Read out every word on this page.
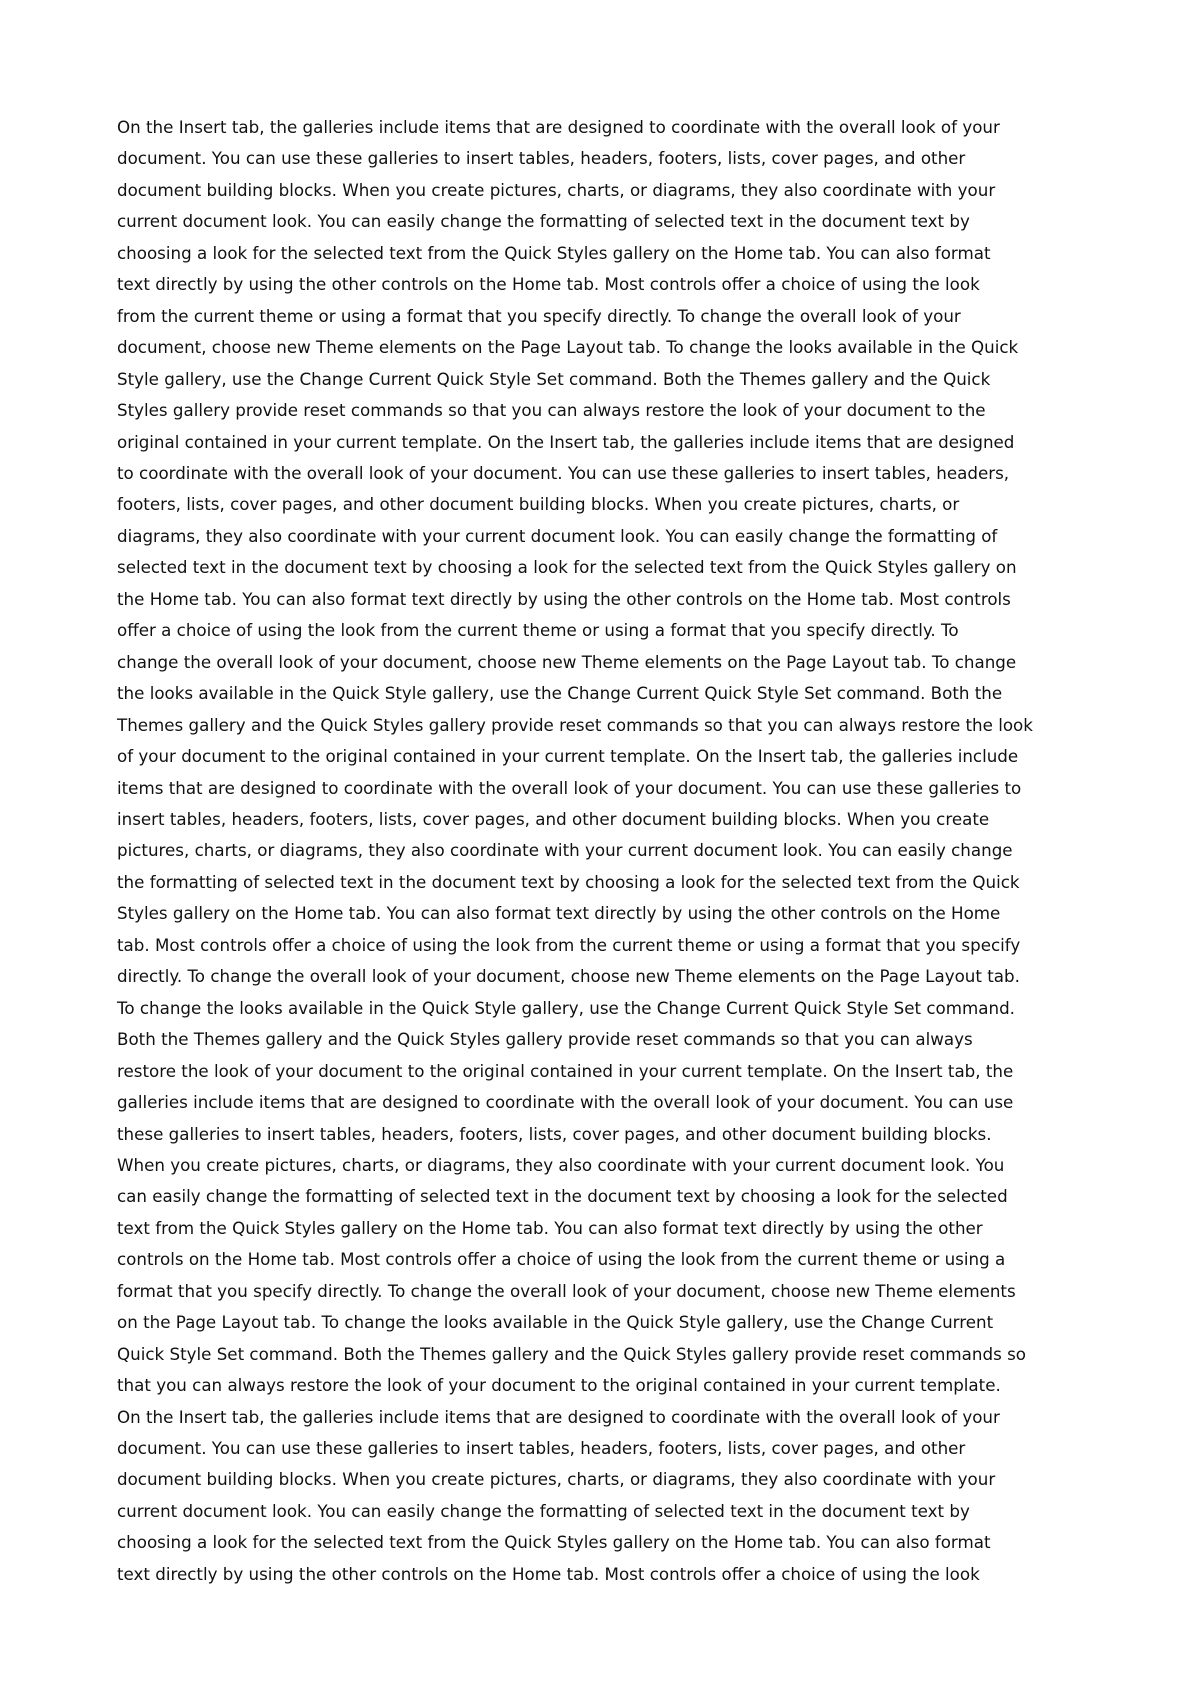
On the Insert tab, the galleries include items that are designed to coordinate with the overall look of your
document. You can use these galleries to insert tables, headers, footers, lists, cover pages, and other
document building blocks. When you create pictures, charts, or diagrams, they also coordinate with your
current document look. You can easily change the formatting of selected text in the document text by
choosing a look for the selected text from the Quick Styles gallery on the Home tab. You can also format
text directly by using the other controls on the Home tab. Most controls offer a choice of using the look
from the current theme or using a format that you specify directly. To change the overall look of your
document, choose new Theme elements on the Page Layout tab. To change the looks available in the Quick
Style gallery, use the Change Current Quick Style Set command. Both the Themes gallery and the Quick
Styles gallery provide reset commands so that you can always restore the look of your document to the
original contained in your current template. On the Insert tab, the galleries include items that are designed
to coordinate with the overall look of your document. You can use these galleries to insert tables, headers,
footers, lists, cover pages, and other document building blocks. When you create pictures, charts, or
diagrams, they also coordinate with your current document look. You can easily change the formatting of
selected text in the document text by choosing a look for the selected text from the Quick Styles gallery on
the Home tab. You can also format text directly by using the other controls on the Home tab. Most controls
offer a choice of using the look from the current theme or using a format that you specify directly. To
change the overall look of your document, choose new Theme elements on the Page Layout tab. To change
the looks available in the Quick Style gallery, use the Change Current Quick Style Set command. Both the
Themes gallery and the Quick Styles gallery provide reset commands so that you can always restore the look
of your document to the original contained in your current template. On the Insert tab, the galleries include
items that are designed to coordinate with the overall look of your document. You can use these galleries to
insert tables, headers, footers, lists, cover pages, and other document building blocks. When you create
pictures, charts, or diagrams, they also coordinate with your current document look. You can easily change
the formatting of selected text in the document text by choosing a look for the selected text from the Quick
Styles gallery on the Home tab. You can also format text directly by using the other controls on the Home
tab. Most controls offer a choice of using the look from the current theme or using a format that you specify
directly. To change the overall look of your document, choose new Theme elements on the Page Layout tab.
To change the looks available in the Quick Style gallery, use the Change Current Quick Style Set command.
Both the Themes gallery and the Quick Styles gallery provide reset commands so that you can always
restore the look of your document to the original contained in your current template. On the Insert tab, the
galleries include items that are designed to coordinate with the overall look of your document. You can use
these galleries to insert tables, headers, footers, lists, cover pages, and other document building blocks.
When you create pictures, charts, or diagrams, they also coordinate with your current document look. You
can easily change the formatting of selected text in the document text by choosing a look for the selected
text from the Quick Styles gallery on the Home tab. You can also format text directly by using the other
controls on the Home tab. Most controls offer a choice of using the look from the current theme or using a
format that you specify directly. To change the overall look of your document, choose new Theme elements
on the Page Layout tab. To change the looks available in the Quick Style gallery, use the Change Current
Quick Style Set command. Both the Themes gallery and the Quick Styles gallery provide reset commands so
that you can always restore the look of your document to the original contained in your current template.
On the Insert tab, the galleries include items that are designed to coordinate with the overall look of your
document. You can use these galleries to insert tables, headers, footers, lists, cover pages, and other
document building blocks. When you create pictures, charts, or diagrams, they also coordinate with your
current document look. You can easily change the formatting of selected text in the document text by
choosing a look for the selected text from the Quick Styles gallery on the Home tab. You can also format
text directly by using the other controls on the Home tab. Most controls offer a choice of using the look
